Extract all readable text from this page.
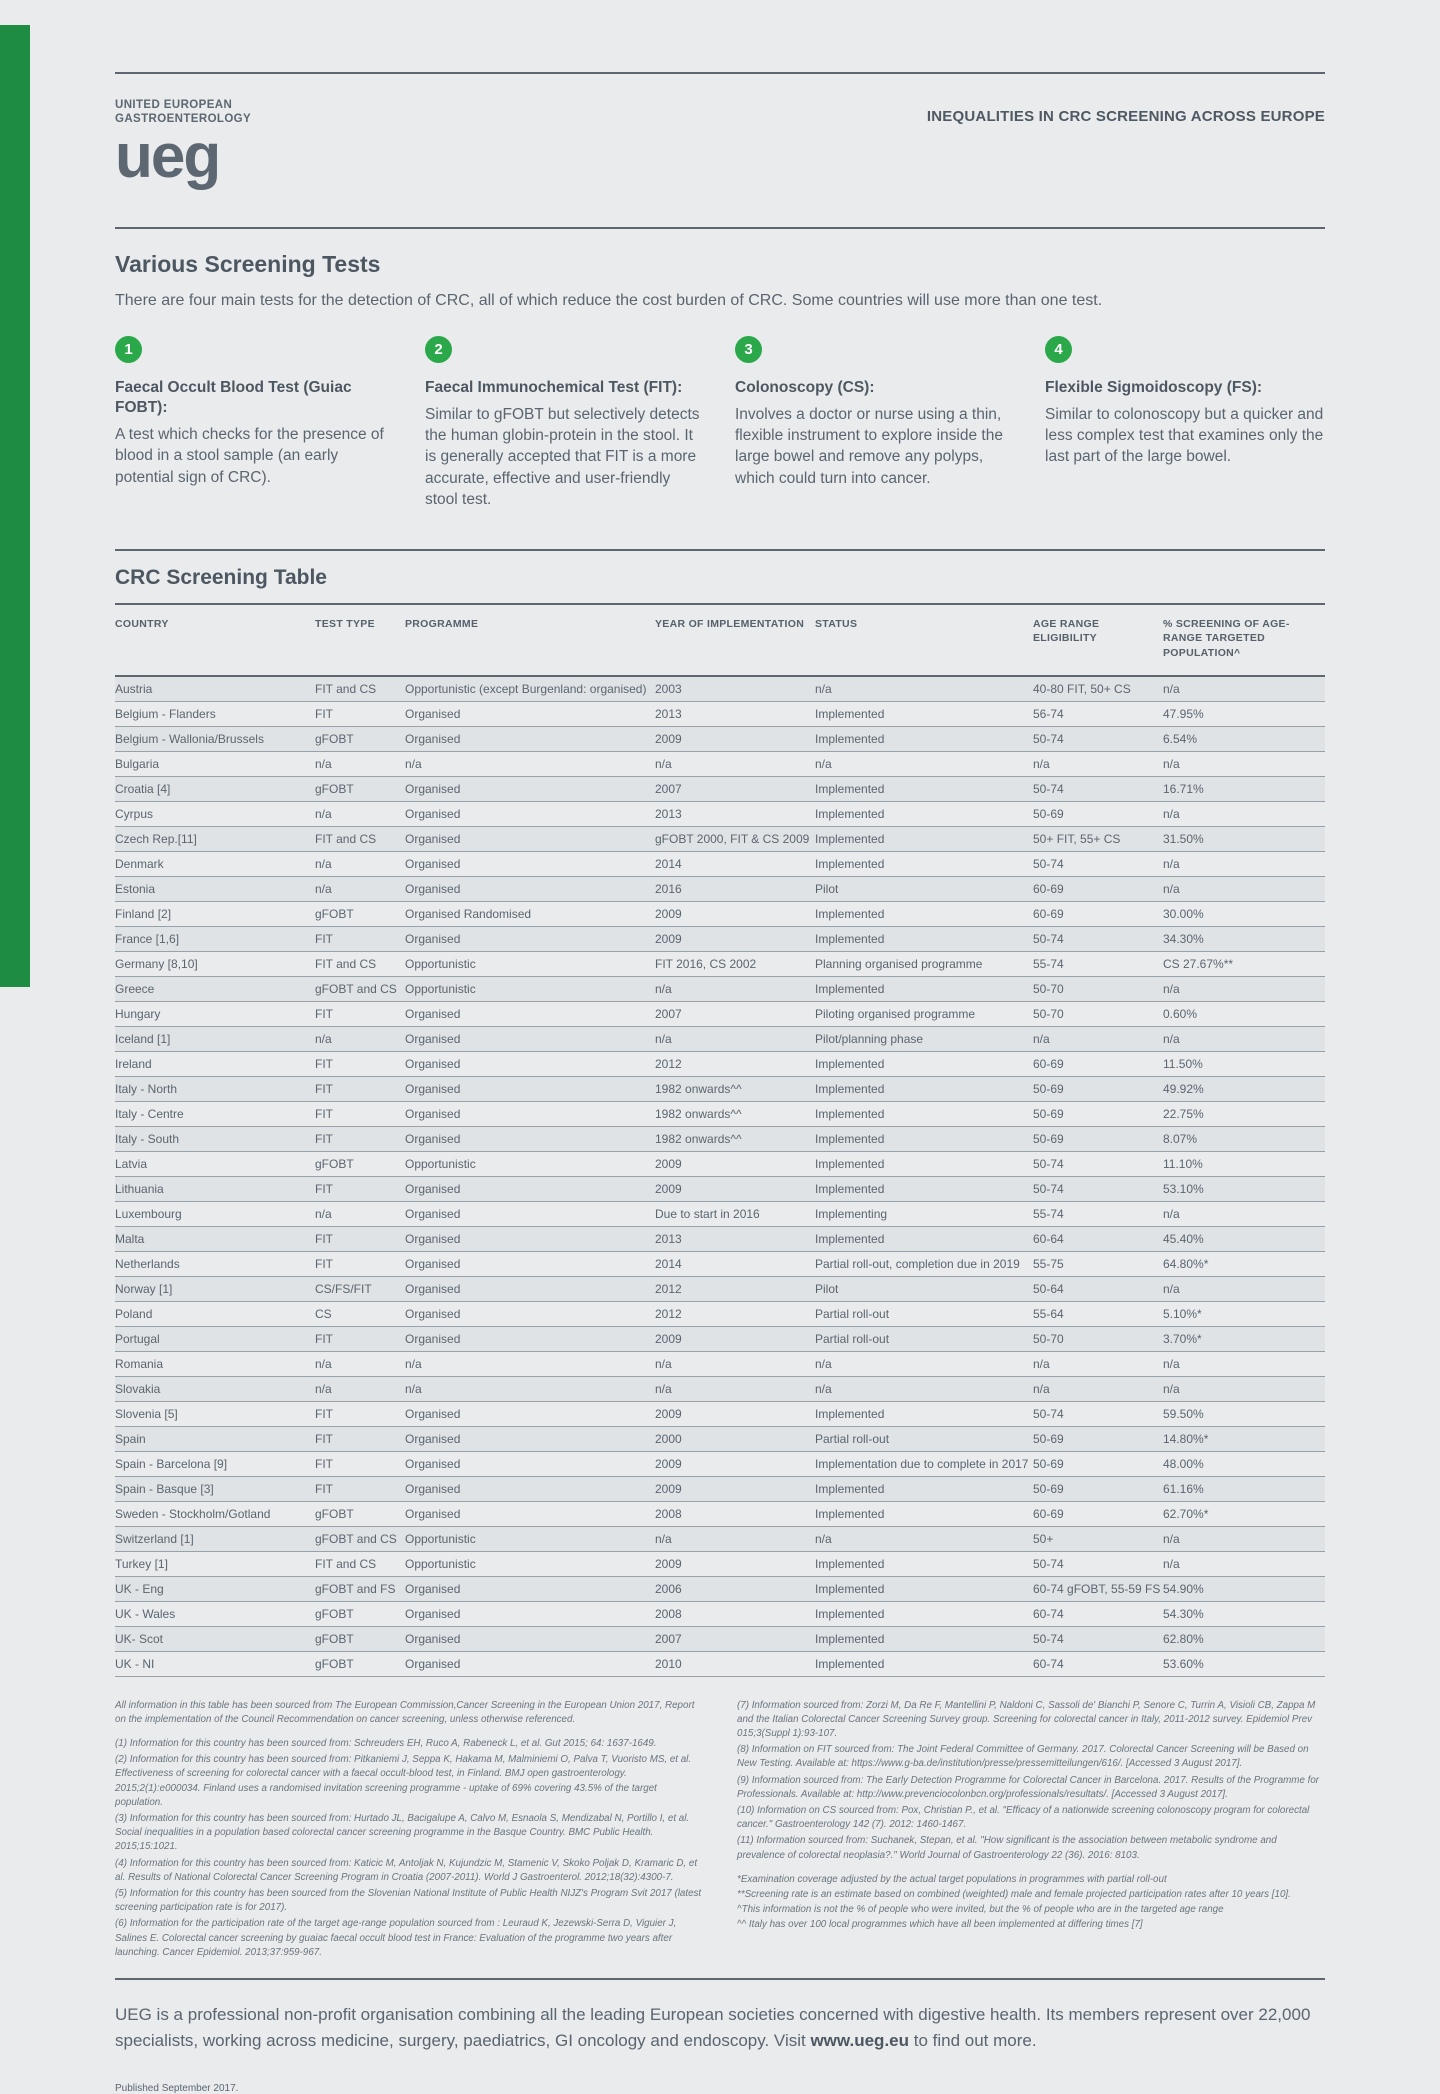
UNITED EUROPEAN
GASTROENTEROLOGY
ueg
INEQUALITIES IN CRC SCREENING ACROSS EUROPE
Various Screening Tests
There are four main tests for the detection of CRC, all of which reduce the cost burden of CRC. Some countries will use more than one test.
1
Faecal Occult Blood Test (Guiac FOBT):
A test which checks for the presence of blood in a stool sample (an early potential sign of CRC).
2
Faecal Immunochemical Test (FIT):
Similar to gFOBT but selectively detects the human globin-protein in the stool. It is generally accepted that FIT is a more accurate, effective and user-friendly stool test.
3
Colonoscopy (CS):
Involves a doctor or nurse using a thin, flexible instrument to explore inside the large bowel and remove any polyps, which could turn into cancer.
4
Flexible Sigmoidoscopy (FS):
Similar to colonoscopy but a quicker and less complex test that examines only the last part of the large bowel.
CRC Screening Table
COUNTRY	TEST TYPE	PROGRAMME	YEAR OF IMPLEMENTATION	STATUS	AGE RANGE ELIGIBILITY	% SCREENING OF AGE-RANGE TARGETED POPULATION^
Austria	FIT and CS	Opportunistic (except Burgenland: organised)	2003	n/a	40-80 FIT, 50+ CS	n/a
Belgium - Flanders	FIT	Organised	2013	Implemented	56-74	47.95%
Belgium - Wallonia/Brussels	gFOBT	Organised	2009	Implemented	50-74	6.54%
Bulgaria	n/a	n/a	n/a	n/a	n/a	n/a
Croatia [4]	gFOBT	Organised	2007	Implemented	50-74	16.71%
Cyrpus	n/a	Organised	2013	Implemented	50-69	n/a
Czech Rep.[11]	FIT and CS	Organised	gFOBT 2000, FIT & CS 2009	Implemented	50+ FIT, 55+ CS	31.50%
Denmark	n/a	Organised	2014	Implemented	50-74	n/a
Estonia	n/a	Organised	2016	Pilot	60-69	n/a
Finland [2]	gFOBT	Organised Randomised	2009	Implemented	60-69	30.00%
France [1,6]	FIT	Organised	2009	Implemented	50-74	34.30%
Germany [8,10]	FIT and CS	Opportunistic	FIT 2016, CS 2002	Planning organised programme	55-74	CS 27.67%**
Greece	gFOBT and CS	Opportunistic	n/a	Implemented	50-70	n/a
Hungary	FIT	Organised	2007	Piloting organised programme	50-70	0.60%
Iceland [1]	n/a	Organised	n/a	Pilot/planning phase	n/a	n/a
Ireland	FIT	Organised	2012	Implemented	60-69	11.50%
Italy - North	FIT	Organised	1982 onwards^^	Implemented	50-69	49.92%
Italy - Centre	FIT	Organised	1982 onwards^^	Implemented	50-69	22.75%
Italy - South	FIT	Organised	1982 onwards^^	Implemented	50-69	8.07%
Latvia	gFOBT	Opportunistic	2009	Implemented	50-74	11.10%
Lithuania	FIT	Organised	2009	Implemented	50-74	53.10%
Luxembourg	n/a	Organised	Due to start in 2016	Implementing	55-74	n/a
Malta	FIT	Organised	2013	Implemented	60-64	45.40%
Netherlands	FIT	Organised	2014	Partial roll-out, completion due in 2019	55-75	64.80%*
Norway [1]	CS/FS/FIT	Organised	2012	Pilot	50-64	n/a
Poland	CS	Organised	2012	Partial roll-out	55-64	5.10%*
Portugal	FIT	Organised	2009	Partial roll-out	50-70	3.70%*
Romania	n/a	n/a	n/a	n/a	n/a	n/a
Slovakia	n/a	n/a	n/a	n/a	n/a	n/a
Slovenia [5]	FIT	Organised	2009	Implemented	50-74	59.50%
Spain	FIT	Organised	2000	Partial roll-out	50-69	14.80%*
Spain - Barcelona [9]	FIT	Organised	2009	Implementation due to complete in 2017	50-69	48.00%
Spain - Basque [3]	FIT	Organised	2009	Implemented	50-69	61.16%
Sweden - Stockholm/Gotland	gFOBT	Organised	2008	Implemented	60-69	62.70%*
Switzerland [1]	gFOBT and CS	Opportunistic	n/a	n/a	50+	n/a
Turkey [1]	FIT and CS	Opportunistic	2009	Implemented	50-74	n/a
UK - Eng	gFOBT and FS	Organised	2006	Implemented	60-74 gFOBT, 55-59 FS	54.90%
UK - Wales	gFOBT	Organised	2008	Implemented	60-74	54.30%
UK- Scot	gFOBT	Organised	2007	Implemented	50-74	62.80%
UK - NI	gFOBT	Organised	2010	Implemented	60-74	53.60%
All information in this table has been sourced from The European Commission,Cancer Screening in the European Union 2017, Report on the implementation of the Council Recommendation on cancer screening, unless otherwise referenced.
(1) Information for this country has been sourced from: Schreuders EH, Ruco A, Rabeneck L, et al. Gut 2015; 64: 1637-1649.
(2) Information for this country has been sourced from: Pitkaniemi J, Seppa K, Hakama M, Malminiemi O, Palva T, Vuoristo MS, et al. Effectiveness of screening for colorectal cancer with a faecal occult-blood test, in Finland. BMJ open gastroenterology. 2015;2(1):e000034. Finland uses a randomised invitation screening programme - uptake of 69% covering 43.5% of the target population.
(3) Information for this country has been sourced from: Hurtado JL, Bacigalupe A, Calvo M, Esnaola S, Mendizabal N, Portillo I, et al. Social inequalities in a population based colorectal cancer screening programme in the Basque Country. BMC Public Health. 2015;15:1021.
(4) Information for this country has been sourced from: Katicic M, Antoljak N, Kujundzic M, Stamenic V, Skoko Poljak D, Kramaric D, et al. Results of National Colorectal Cancer Screening Program in Croatia (2007-2011). World J Gastroenterol. 2012;18(32):4300-7.
(5) Information for this country has been sourced from the Slovenian National Institute of Public Health NIJZ's Program Svit 2017 (latest screening participation rate is for 2017).
(6) Information for the participation rate of the target age-range population sourced from : Leuraud K, Jezewski-Serra D, Viguier J, Salines E. Colorectal cancer screening by guaiac faecal occult blood test in France: Evaluation of the programme two years after launching. Cancer Epidemiol. 2013;37:959-967.
(7) Information sourced from: Zorzi M, Da Re F, Mantellini P, Naldoni C, Sassoli de' Bianchi P, Senore C, Turrin A, Visioli CB, Zappa M and the Italian Colorectal Cancer Screening Survey group. Screening for colorectal cancer in Italy, 2011-2012 survey. Epidemiol Prev 015;3(Suppl 1):93-107.
(8) Information on FIT sourced from: The Joint Federal Committee of Germany. 2017. Colorectal Cancer Screening will be Based on New Testing. Available at: https://www.g-ba.de/institution/presse/pressemitteilungen/616/. [Accessed 3 August 2017].
(9) Information sourced from: The Early Detection Programme for Colorectal Cancer in Barcelona. 2017. Results of the Programme for Professionals. Available at: http://www.prevenciocolonbcn.org/professionals/resultats/. [Accessed 3 August 2017].
(10) Information on CS sourced from: Pox, Christian P., et al. "Efficacy of a nationwide screening colonoscopy program for colorectal cancer." Gastroenterology 142 (7). 2012: 1460-1467.
(11) Information sourced from: Suchanek, Stepan, et al. "How significant is the association between metabolic syndrome and prevalence of colorectal neoplasia?." World Journal of Gastroenterology 22 (36). 2016: 8103.
*Examination coverage adjusted by the actual target populations in programmes with partial roll-out
**Screening rate is an estimate based on combined (weighted) male and female projected participation rates after 10 years [10].
^This information is not the % of people who were invited, but the % of people who are in the targeted age range
^^ Italy has over 100 local programmes which have all been implemented at differing times [7]
UEG is a professional non-profit organisation combining all the leading European societies concerned with digestive health. Its members represent over 22,000 specialists, working across medicine, surgery, paediatrics, GI oncology and endoscopy. Visit www.ueg.eu to find out more.
Published September 2017.
